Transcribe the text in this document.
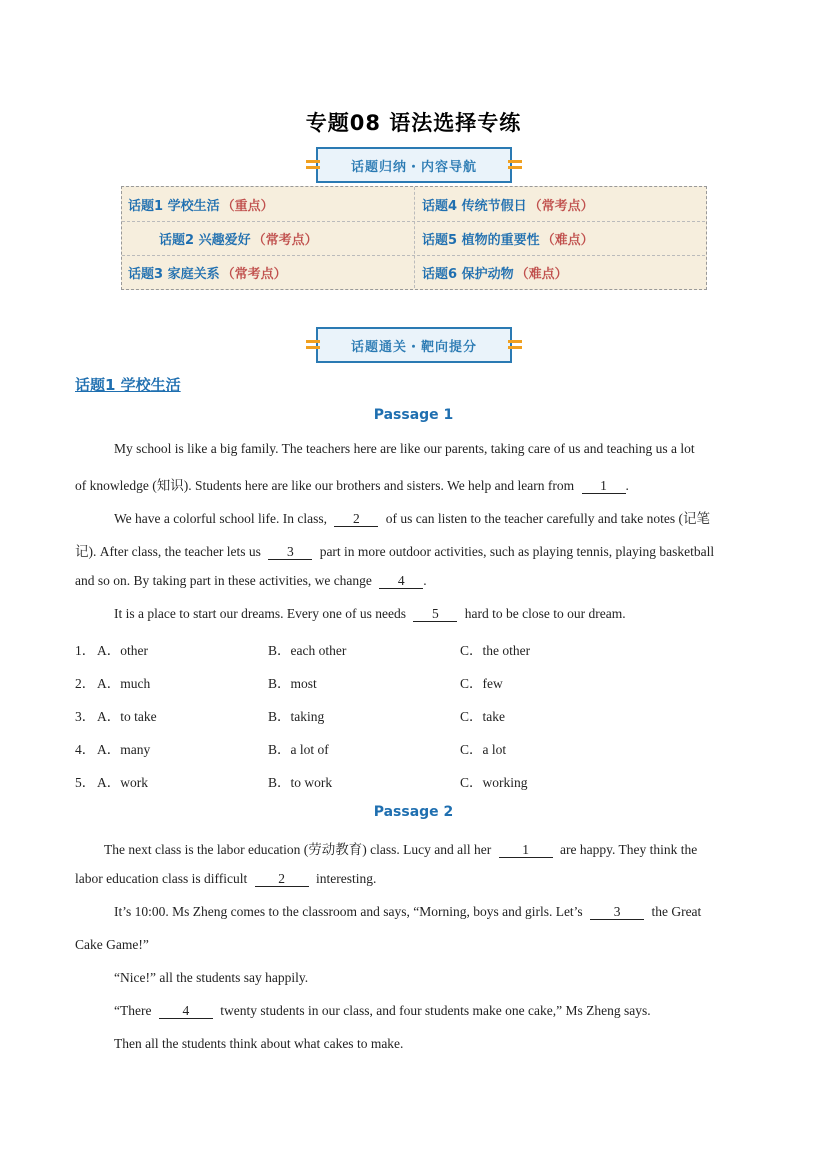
专题08 语法选择专练
话题归纳・内容导航
话题1 学校生活 （重点）	话题4 传统节假日 （常考点）
话题2 兴趣爱好 （常考点）	话题5 植物的重要性 （难点）
话题3 家庭关系 （常考点）	话题6 保护动物 （难点）
话题通关・靶向提分
话题1 学校生活
Passage 1
My school is like a big family. The teachers here are like our parents, taking care of us and teaching us a lot
of knowledge (知识). Students here are like our brothers and sisters. We help and learn from 1 .
We have a colorful school life. In class, 2 of us can listen to the teacher carefully and take notes (记笔
记). After class, the teacher lets us 3 part in more outdoor activities, such as playing tennis, playing basketball
and so on. By taking part in these activities, we change 4 .
It is a place to start our dreams. Every one of us needs 5 hard to be close to our dream.
1． A．other	B．each other	C．the other
2． A．much	B．most	C．few
3． A．to take	B．taking	C．take
4． A．many	B．a lot of	C．a lot
5． A．work	B．to work	C．working
Passage 2
The next class is the labor education (劳动教育) class. Lucy and all her 1 are happy. They think the
labor education class is difficult 2 interesting.
It’s 10:00. Ms Zheng comes to the classroom and says, “Morning, boys and girls. Let’s 3 the Great
Cake Game!”
“Nice!” all the students say happily.
“There 4 twenty students in our class, and four students make one cake,” Ms Zheng says.
Then all the students think about what cakes to make.
